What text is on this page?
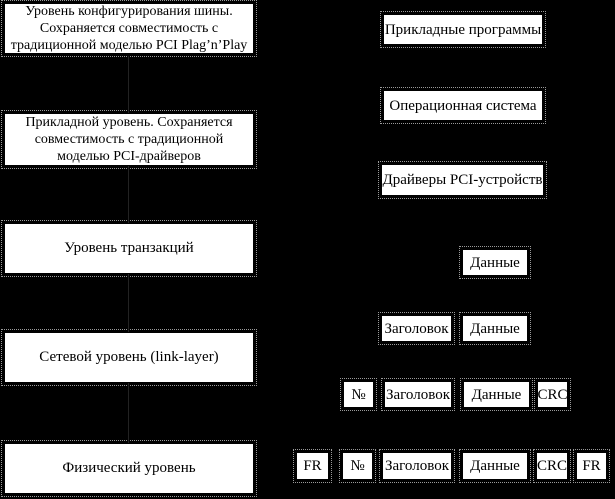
Уровень конфигурирования шины.
Сохраняется совместимость с
традиционной моделью PCI Plag’n’Play
Прикладной уровень. Сохраняется
совместимость с традиционной
моделью PCI-драйверов
Уровень транзакций
Сетевой уровень (link-layer)
Физический уровень
Прикладные программы
Операционная система
Драйверы PCI-устройств
Данные
Заголовок Данные
№ Заголовок Данные CRC
FR № Заголовок Данные CRC FR
